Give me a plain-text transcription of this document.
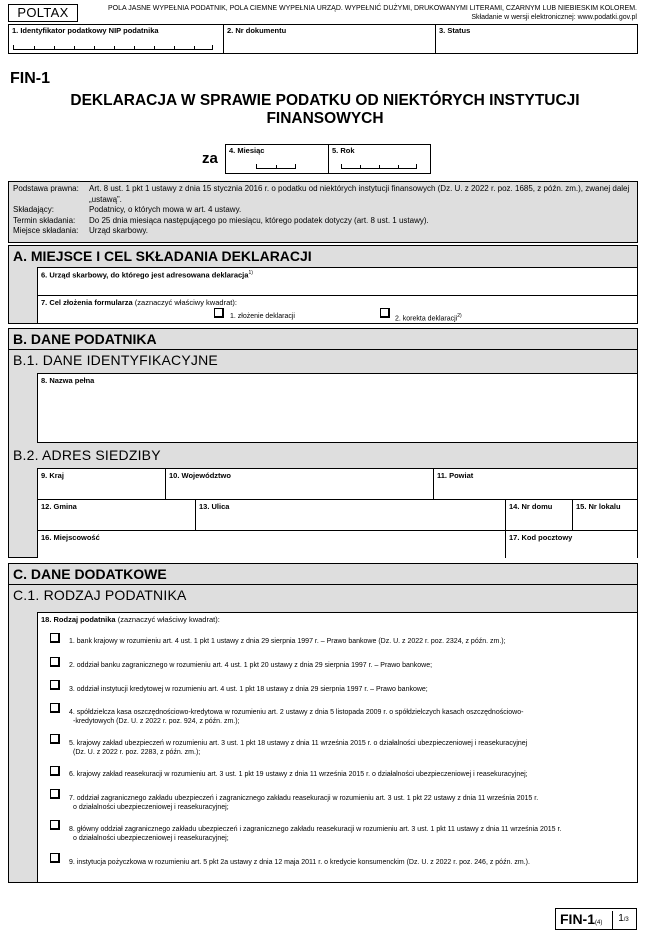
POLTAX	POLA JASNE WYPEŁNIA PODATNIK, POLA CIEMNE WYPEŁNIA URZĄD. WYPEŁNIĆ DUŻYMI, DRUKOWANYMI LITERAMI, CZARNYM LUB NIEBIESKIM KOLOREM.
Składanie w wersji elektronicznej: www.podatki.gov.pl
1. Identyfikator podatkowy NIP podatnika	2. Nr dokumentu	3. Status
FIN-1
DEKLARACJA W SPRAWIE PODATKU OD NIEKTÓRYCH INSTYTUCJI FINANSOWYCH
za	4. Miesiąc	5. Rok
Podstawa prawna:	Art. 8 ust. 1 pkt 1 ustawy z dnia 15 stycznia 2016 r. o podatku od niektórych instytucji finansowych (Dz. U. z 2022 r. poz. 1685, z późn. zm.), zwanej dalej „ustawą”.
Składający:	Podatnicy, o których mowa w art. 4 ustawy.
Termin składania:	Do 25 dnia miesiąca następującego po miesiącu, którego podatek dotyczy (art. 8 ust. 1 ustawy).
Miejsce składania:	Urząd skarbowy.
A. MIEJSCE I CEL SKŁADANIA DEKLARACJI
6. Urząd skarbowy, do którego jest adresowana deklaracja$^{1)}$
7. Cel złożenia formularza (zaznaczyć właściwy kwadrat):
1. złożenie deklaracji	2. korekta deklaracji$^{2)}$
B. DANE PODATNIKA
B.1. DANE IDENTYFIKACYJNE
8. Nazwa pełna
B.2. ADRES SIEDZIBY
9. Kraj	10. Województwo	11. Powiat
12. Gmina	13. Ulica	14. Nr domu	15. Nr lokalu
16. Miejscowość	17. Kod pocztowy
C. DANE DODATKOWE
C.1. RODZAJ PODATNIKA
18. Rodzaj podatnika (zaznaczyć właściwy kwadrat):
1. bank krajowy w rozumieniu art. 4 ust. 1 pkt 1 ustawy z dnia 29 sierpnia 1997 r. – Prawo bankowe (Dz. U. z 2022 r. poz. 2324, z późn. zm.);
2. oddział banku zagranicznego w rozumieniu art. 4 ust. 1 pkt 20 ustawy z dnia 29 sierpnia 1997 r. – Prawo bankowe;
3. oddział instytucji kredytowej w rozumieniu art. 4 ust. 1 pkt 18 ustawy z dnia 29 sierpnia 1997 r. – Prawo bankowe;
4. spółdzielcza kasa oszczędnościowo-kredytowa w rozumieniu art. 2 ustawy z dnia 5 listopada 2009 r. o spółdzielczych kasach oszczędnościowo-
-kredytowych (Dz. U. z 2022 r. poz. 924, z późn. zm.);
5. krajowy zakład ubezpieczeń w rozumieniu art. 3 ust. 1 pkt 18 ustawy z dnia 11 września 2015 r. o działalności ubezpieczeniowej i reasekuracyjnej
(Dz. U. z 2022 r. poz. 2283, z późn. zm.);
6. krajowy zakład reasekuracji w rozumieniu art. 3 ust. 1 pkt 19 ustawy z dnia 11 września 2015 r. o działalności ubezpieczeniowej i reasekuracyjnej;
7. oddział zagranicznego zakładu ubezpieczeń i zagranicznego zakładu reasekuracji w rozumieniu art. 3 ust. 1 pkt 22 ustawy z dnia 11 września 2015 r.
o działalności ubezpieczeniowej i reasekuracyjnej;
8. główny oddział zagranicznego zakładu ubezpieczeń i zagranicznego zakładu reasekuracji w rozumieniu art. 3 ust. 1 pkt 11 ustawy z dnia 11 września 2015 r.
o działalności ubezpieczeniowej i reasekuracyjnej;
9. instytucja pożyczkowa w rozumieniu art. 5 pkt 2a ustawy z dnia 12 maja 2011 r. o kredycie konsumenckim (Dz. U. z 2022 r. poz. 246, z późn. zm.).
FIN-1(4)	1/3
